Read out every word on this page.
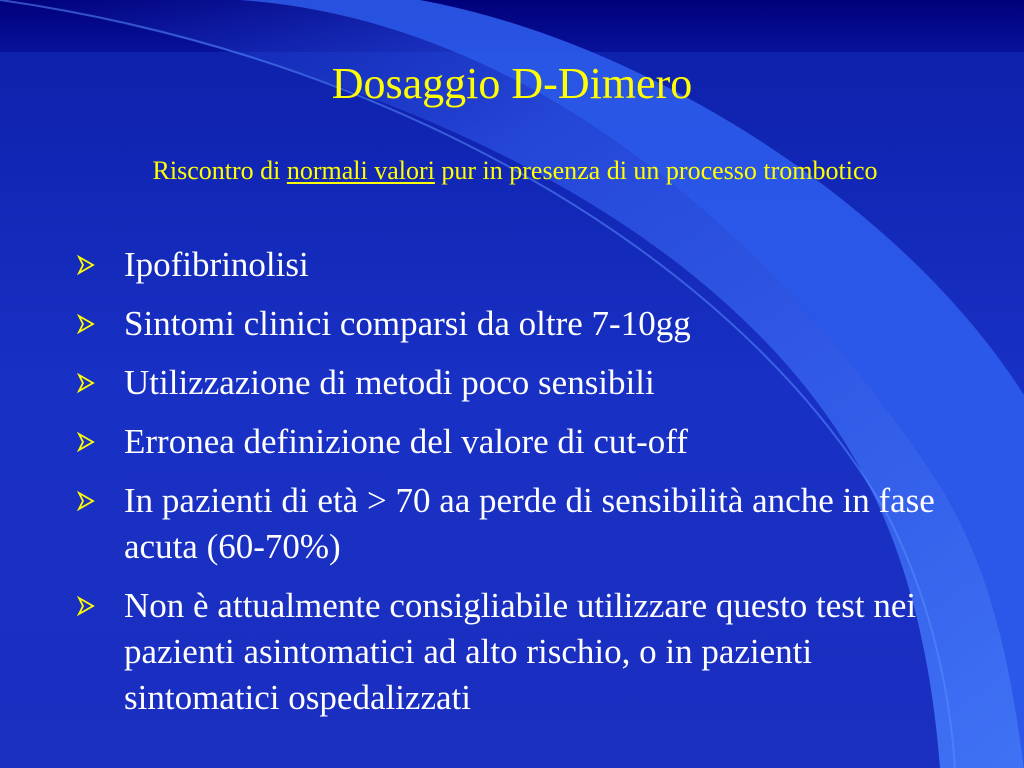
Dosaggio D-Dimero
Riscontro di normali valori pur in presenza di un processo trombotico
Ipofibrinolisi
Sintomi clinici comparsi da oltre 7-10gg
Utilizzazione di metodi poco sensibili
Erronea definizione del valore di cut-off
In pazienti di età > 70 aa perde di sensibilità anche in fase acuta (60-70%)
Non è attualmente consigliabile utilizzare questo test nei pazienti asintomatici ad alto rischio, o in pazienti sintomatici ospedalizzati
